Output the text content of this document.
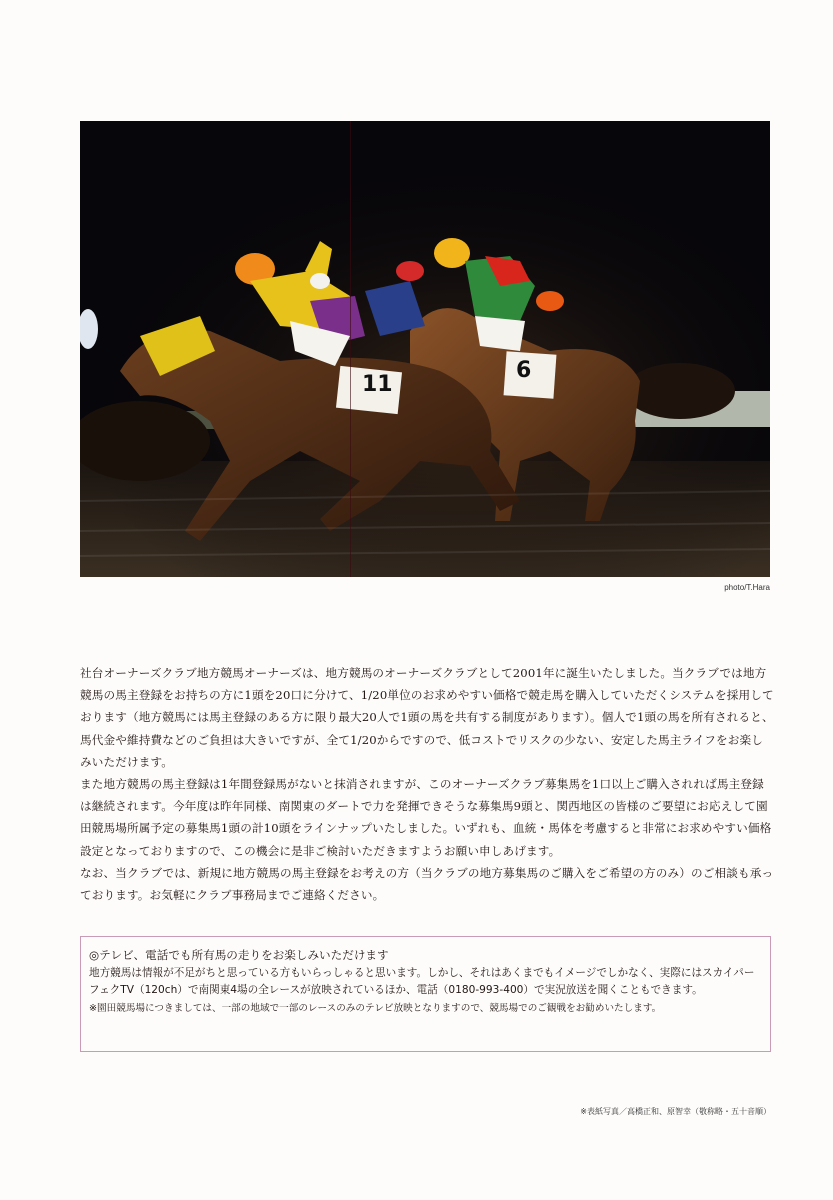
11
6
photo/T.Hara

社台オーナーズクラブ地方競馬オーナーズは、地方競馬のオーナーズクラブとして2001年に誕生いたしました。当クラブでは地方競馬の馬主登録をお持ちの方に1頭を20口に分けて、1/20単位のお求めやすい価格で競走馬を購入していただくシステムを採用しております（地方競馬には馬主登録のある方に限り最大20人で1頭の馬を共有する制度があります）。個人で1頭の馬を所有されると、馬代金や維持費などのご負担は大きいですが、全て1/20からですので、低コストでリスクの少ない、安定した馬主ライフをお楽しみいただけます。

また地方競馬の馬主登録は1年間登録馬がないと抹消されますが、このオーナーズクラブ募集馬を1口以上ご購入されれば馬主登録は継続されます。今年度は昨年同様、南関東のダートで力を発揮できそうな募集馬9頭と、関西地区の皆様のご要望にお応えして園田競馬場所属予定の募集馬1頭の計10頭をラインナップいたしました。いずれも、血統・馬体を考慮すると非常にお求めやすい価格設定となっておりますので、この機会に是非ご検討いただきますようお願い申しあげます。

なお、当クラブでは、新規に地方競馬の馬主登録をお考えの方（当クラブの地方募集馬のご購入をご希望の方のみ）のご相談も承っております。お気軽にクラブ事務局までご連絡ください。

◎テレビ、電話でも所有馬の走りをお楽しみいただけます

地方競馬は情報が不足がちと思っている方もいらっしゃると思います。しかし、それはあくまでもイメージでしかなく、実際にはスカイパーフェクTV（120ch）で南関東4場の全レースが放映されているほか、電話（0180-993-400）で実況放送を聞くこともできます。

※園田競馬場につきましては、一部の地域で一部のレースのみのテレビ放映となりますので、競馬場でのご観戦をお勧めいたします。

※表紙写真／高橋正和、原智幸（敬称略・五十音順）
